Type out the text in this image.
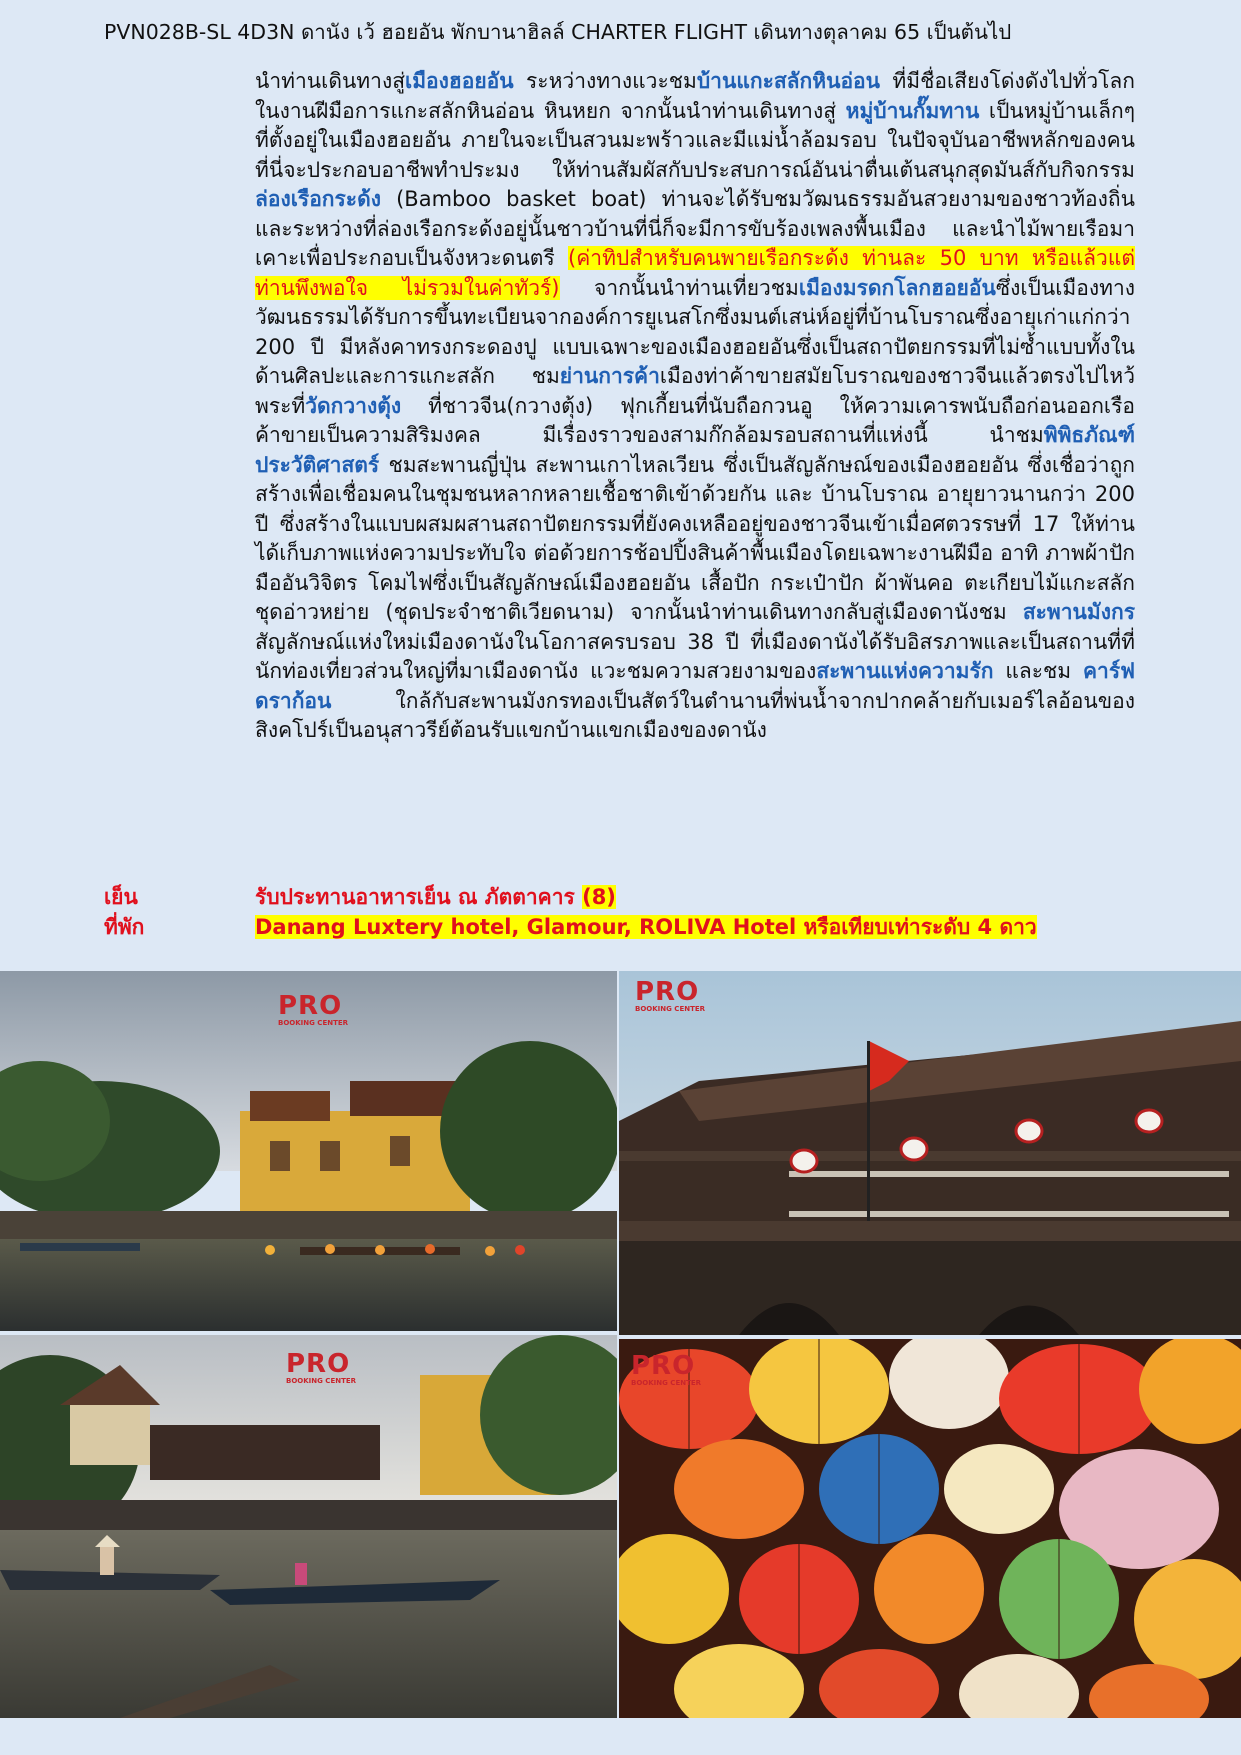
PVN028B-SL 4D3N ดานัง เว้ ฮอยอัน พักบานาฮิลล์ CHARTER FLIGHT เดินทางตุลาคม 65 เป็นต้นไป
นำท่านเดินทางสู่เมืองฮอยอัน ระหว่างทางแวะชมบ้านแกะสลักหินอ่อน ที่มีชื่อเสียงโด่งดังไปทั่วโลกในงานฝีมือการแกะสลักหินอ่อน หินหยก จากนั้นนำท่านเดินทางสู่ หมู่บ้านกั๊มทาน เป็นหมู่บ้านเล็กๆ ที่ตั้งอยู่ในเมืองฮอยอัน ภายในจะเป็นสวนมะพร้าวและมีแม่น้ำล้อมรอบ ในปัจจุบันอาชีพหลักของคนที่นี่จะประกอบอาชีพทำประมง ให้ท่านสัมผัสกับประสบการณ์อันน่าตื่นเต้นสนุกสุดมันส์กับกิจกรรม ล่องเรือกระด้ง (Bamboo basket boat) ท่านจะได้รับชมวัฒนธรรมอันสวยงามของชาวท้องถิ่น และระหว่างที่ล่องเรือกระด้งอยู่นั้นชาวบ้านที่นี่ก็จะมีการขับร้องเพลงพื้นเมือง และนำไม้พายเรือมาเคาะเพื่อประกอบเป็นจังหวะดนตรี (ค่าทิปสำหรับคนพายเรือกระด้ง ท่านละ 50 บาท หรือแล้วแต่ท่านพึงพอใจ ไม่รวมในค่าทัวร์) จากนั้นนำท่านเที่ยวชมเมืองมรดกโลกฮอยอันซึ่งเป็นเมืองทางวัฒนธรรมได้รับการขึ้นทะเบียนจากองค์การยูเนสโกซึ่งมนต์เสน่ห์อยู่ที่บ้านโบราณซึ่งอายุเก่าแก่กว่า 200 ปี มีหลังคาทรงกระดองปู แบบเฉพาะของเมืองฮอยอันซึ่งเป็นสถาปัตยกรรมที่ไม่ซ้ำแบบทั้งในด้านศิลปะและการแกะสลัก ชมย่านการค้าเมืองท่าค้าขายสมัยโบราณของชาวจีนแล้วตรงไปไหว้พระที่วัดกวางตุ้ง ที่ชาวจีน(กวางตุ้ง) ฟุกเกี้ยนที่นับถือกวนอู ให้ความเคารพนับถือก่อนออกเรือค้าขายเป็นความสิริมงคล มีเรื่องราวของสามก๊กล้อมรอบสถานที่แห่งนี้ นำชมพิพิธภัณฑ์ประวัติศาสตร์ ชมสะพานญี่ปุ่น สะพานเกาไหลเวียน ซึ่งเป็นสัญลักษณ์ของเมืองฮอยอัน ซึ่งเชื่อว่าถูกสร้างเพื่อเชื่อมคนในชุมชนหลากหลายเชื้อชาติเข้าด้วยกัน และ บ้านโบราณ อายุยาวนานกว่า 200 ปี ซึ่งสร้างในแบบผสมผสานสถาปัตยกรรมที่ยังคงเหลืออยู่ของชาวจีนเข้าเมื่อศตวรรษที่ 17 ให้ท่านได้เก็บภาพแห่งความประทับใจ ต่อด้วยการช้อปปิ้งสินค้าพื้นเมืองโดยเฉพาะงานฝีมือ อาทิ ภาพผ้าปักมืออันวิจิตร โคมไฟซึ่งเป็นสัญลักษณ์เมืองฮอยอัน เสื้อปัก กระเป๋าปัก ผ้าพันคอ ตะเกียบไม้แกะสลัก ชุดอ่าวหย่าย (ชุดประจำชาติเวียดนาม) จากนั้นนำท่านเดินทางกลับสู่เมืองดานังชม สะพานมังกร สัญลักษณ์แห่งใหม่เมืองดานังในโอกาสครบรอบ 38 ปี ที่เมืองดานังได้รับอิสรภาพและเป็นสถานที่ที่นักท่องเที่ยวส่วนใหญ่ที่มาเมืองดานัง แวะชมความสวยงามของสะพานแห่งความรัก และชม คาร์ฟดราก้อน ใกล้กับสะพานมังกรทองเป็นสัตว์ในตำนานที่พ่นน้ำจากปากคล้ายกับเมอร์ไลอ้อนของสิงคโปร์เป็นอนุสาวรีย์ต้อนรับแขกบ้านแขกเมืองของดานัง
เย็น	รับประทานอาหารเย็น ณ ภัตตาคาร (8)
ที่พัก	Danang Luxtery hotel, Glamour, ROLIVA Hotel หรือเทียบเท่าระดับ 4 ดาว
PRO
BOOKING CENTER
PRO
BOOKING CENTER
PRO
BOOKING CENTER	PRO
BOOKING CENTER
